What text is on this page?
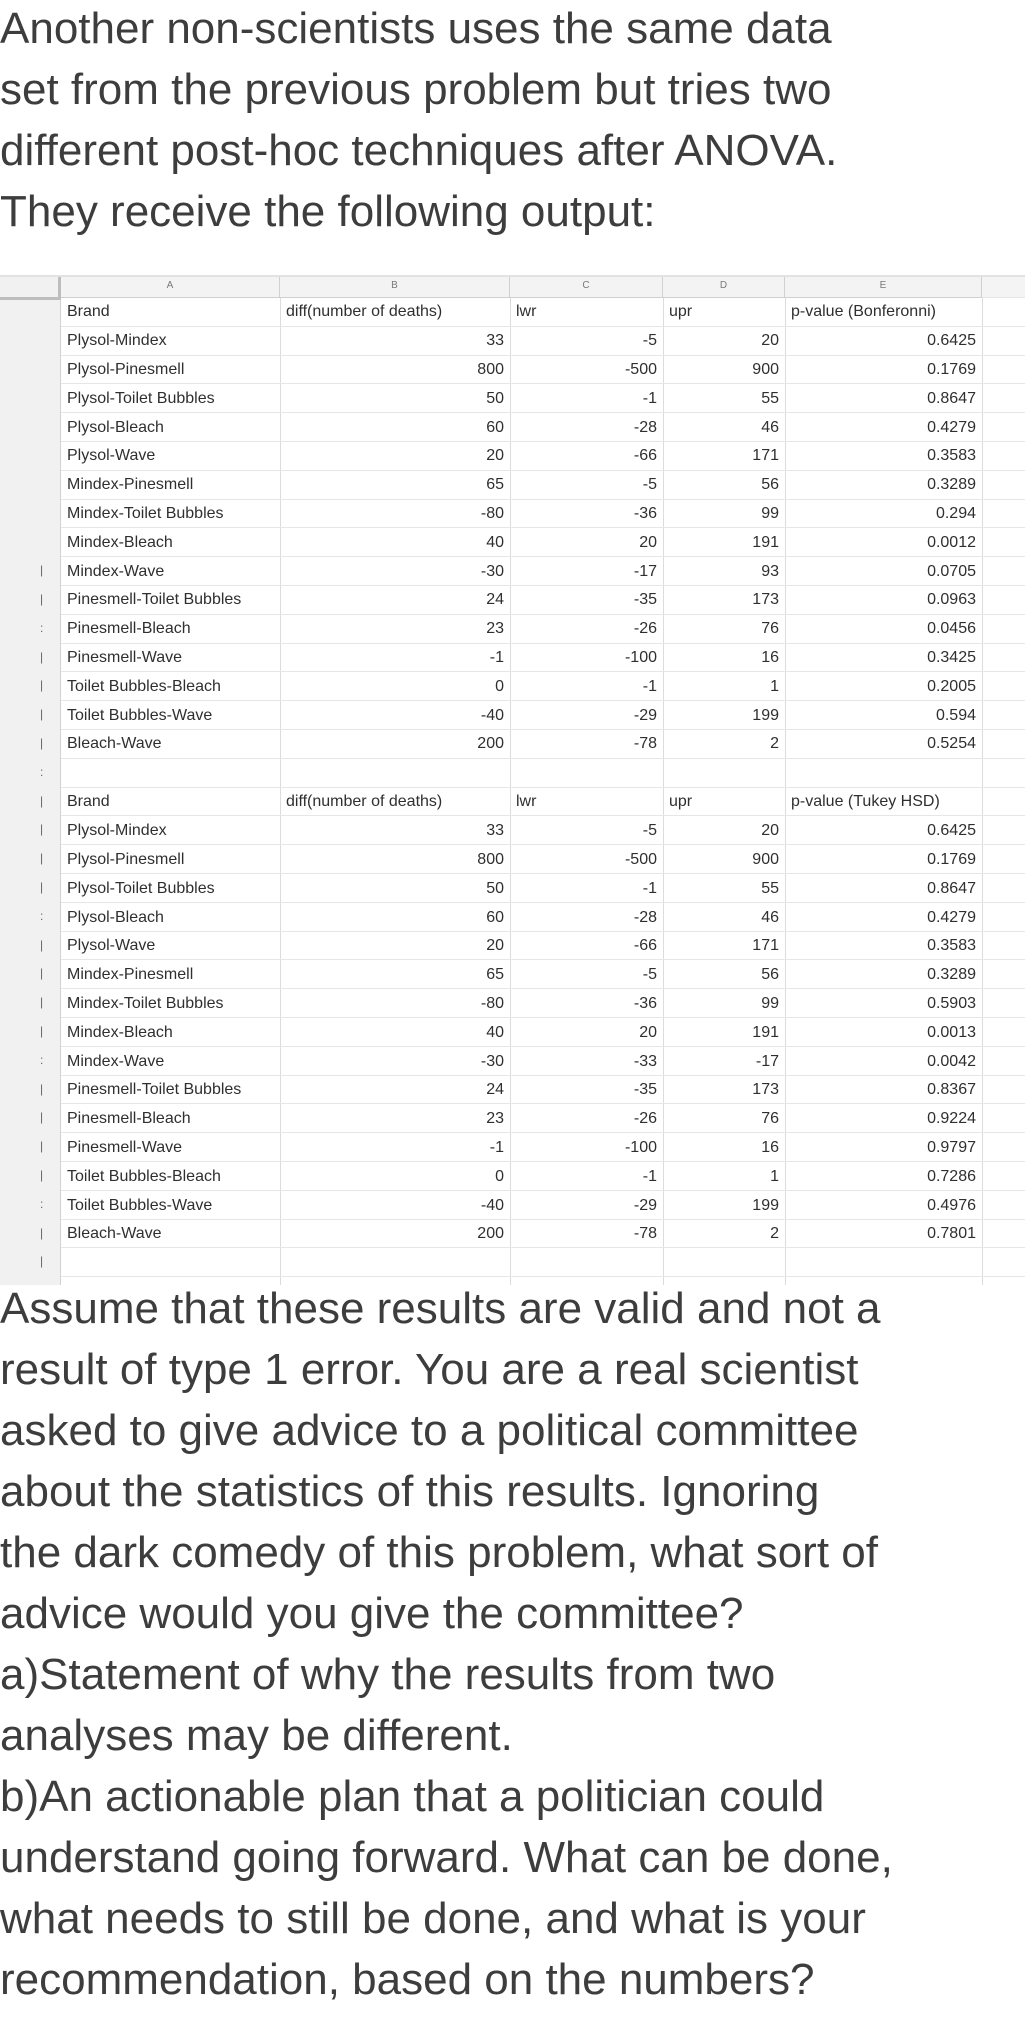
Another non-scientists uses the same data
set from the previous problem but tries two
different post-hoc techniques after ANOVA.
They receive the following output:
|
|
:
|
|
|
|
:
|
|
|
|
:
|
|
|
|
:
|
|
|
|
:
|
|
A	B	C	D	E
Brand	diff(number of deaths)	lwr	upr	p-value (Bonferonni)
Plysol-Mindex	33	-5	20	0.6425
Plysol-Pinesmell	800	-500	900	0.1769
Plysol-Toilet Bubbles	50	-1	55	0.8647
Plysol-Bleach	60	-28	46	0.4279
Plysol-Wave	20	-66	171	0.3583
Mindex-Pinesmell	65	-5	56	0.3289
Mindex-Toilet Bubbles	-80	-36	99	0.294
Mindex-Bleach	40	20	191	0.0012
Mindex-Wave	-30	-17	93	0.0705
Pinesmell-Toilet Bubbles	24	-35	173	0.0963
Pinesmell-Bleach	23	-26	76	0.0456
Pinesmell-Wave	-1	-100	16	0.3425
Toilet Bubbles-Bleach	0	-1	1	0.2005
Toilet Bubbles-Wave	-40	-29	199	0.594
Bleach-Wave	200	-78	2	0.5254
Brand	diff(number of deaths)	lwr	upr	p-value (Tukey HSD)
Plysol-Mindex	33	-5	20	0.6425
Plysol-Pinesmell	800	-500	900	0.1769
Plysol-Toilet Bubbles	50	-1	55	0.8647
Plysol-Bleach	60	-28	46	0.4279
Plysol-Wave	20	-66	171	0.3583
Mindex-Pinesmell	65	-5	56	0.3289
Mindex-Toilet Bubbles	-80	-36	99	0.5903
Mindex-Bleach	40	20	191	0.0013
Mindex-Wave	-30	-33	-17	0.0042
Pinesmell-Toilet Bubbles	24	-35	173	0.8367
Pinesmell-Bleach	23	-26	76	0.9224
Pinesmell-Wave	-1	-100	16	0.9797
Toilet Bubbles-Bleach	0	-1	1	0.7286
Toilet Bubbles-Wave	-40	-29	199	0.4976
Bleach-Wave	200	-78	2	0.7801
Assume that these results are valid and not a
result of type 1 error. You are a real scientist
asked to give advice to a political committee
about the statistics of this results. Ignoring
the dark comedy of this problem, what sort of
advice would you give the committee?
a)Statement of why the results from two
analyses may be different.
b)An actionable plan that a politician could
understand going forward. What can be done,
what needs to still be done, and what is your
recommendation, based on the numbers?
